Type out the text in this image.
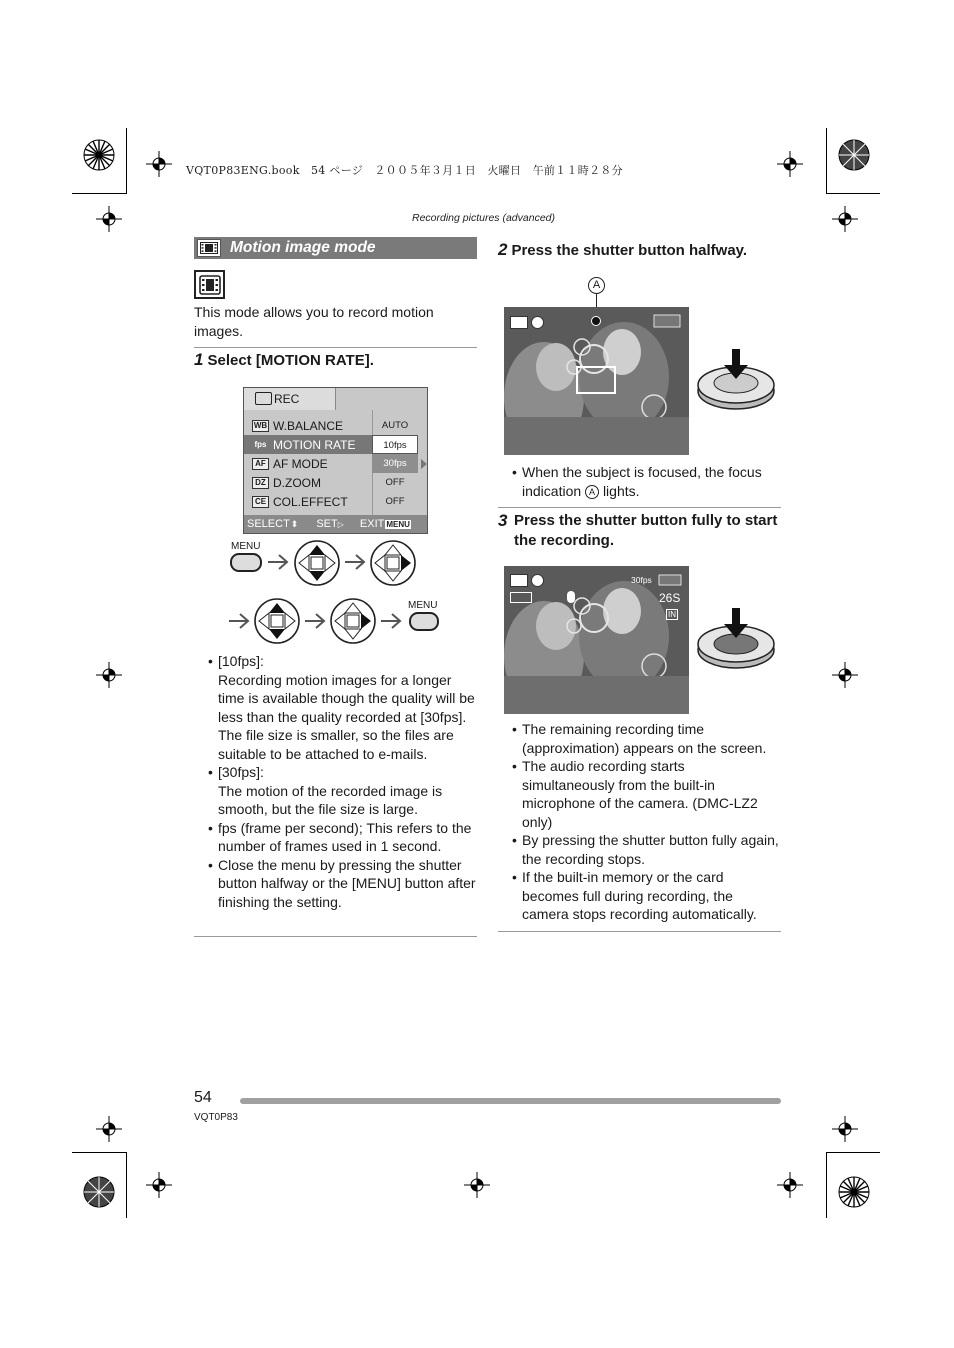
VQT0P83ENG.book　54 ページ　２００５年３月１日　火曜日　午前１１時２８分
Recording pictures (advanced)
Motion image mode
This mode allows you to record motion images.
1 Select [MOTION RATE].
REC
WB W.BALANCE	AUTO
fps MOTION RATE	10fps
AF AF MODE	30fps
DZ D.ZOOM	OFF
CE COL.EFFECT	OFF
SELECT ⬍ SET ▷ EXIT MENU
MENU
MENU
• [10fps]:
Recording motion images for a longer time is available though the quality will be less than the quality recorded at [30fps]. The file size is smaller, so the files are suitable to be attached to e-mails.
• [30fps]:
The motion of the recorded image is smooth, but the file size is large.
• fps (frame per second); This refers to the number of frames used in 1 second.
• Close the menu by pressing the shutter button halfway or the [MENU] button after finishing the setting.
2 Press the shutter button halfway.
A
• When the subject is focused, the focus indication A lights.
3 Press the shutter button fully to start the recording.
30fps
26S
IN
• The remaining recording time (approximation) appears on the screen.
• The audio recording starts simultaneously from the built-in microphone of the camera. (DMC-LZ2 only)
• By pressing the shutter button fully again, the recording stops.
• If the built-in memory or the card becomes full during recording, the camera stops recording automatically.
54
VQT0P83
